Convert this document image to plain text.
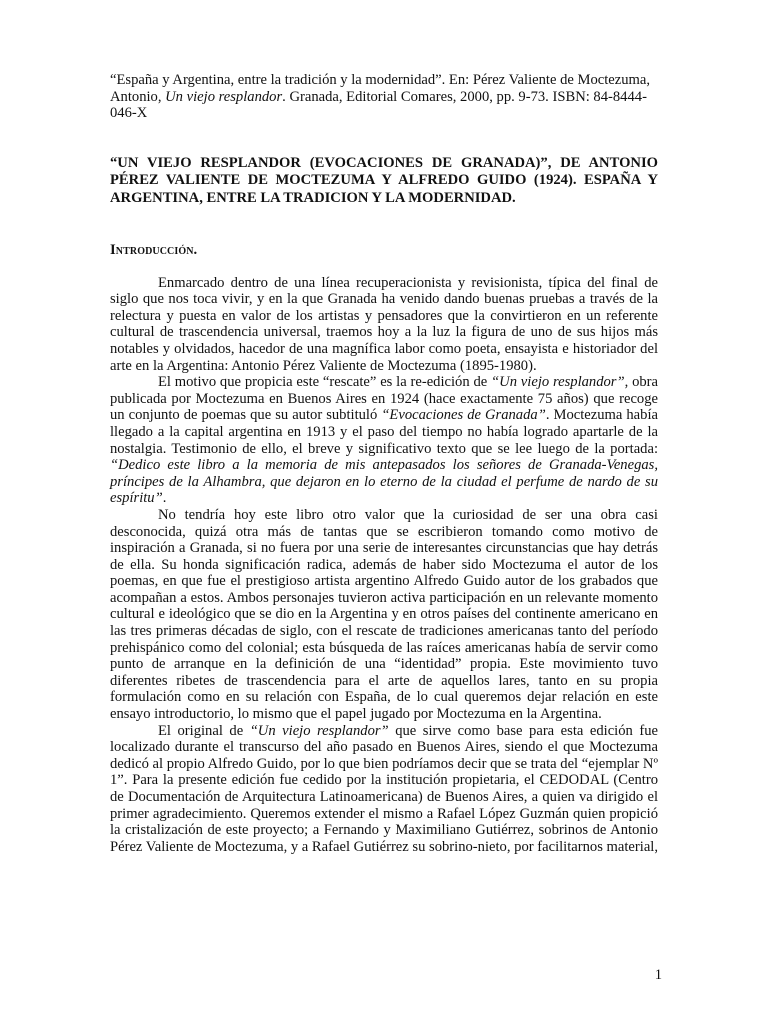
“España y Argentina, entre la tradición y la modernidad”. En: Pérez Valiente de Moctezuma, Antonio, Un viejo resplandor. Granada, Editorial Comares, 2000, pp. 9-73. ISBN: 84-8444-046-X

“UN VIEJO RESPLANDOR (EVOCACIONES DE GRANADA)”, DE ANTONIO PÉREZ VALIENTE DE MOCTEZUMA Y ALFREDO GUIDO (1924). ESPAÑA Y ARGENTINA, ENTRE LA TRADICION Y LA MODERNIDAD.
Introducción.

Enmarcado dentro de una línea recuperacionista y revisionista, típica del final de siglo que nos toca vivir, y en la que Granada ha venido dando buenas pruebas a través de la relectura y puesta en valor de los artistas y pensadores que la convirtieron en un referente cultural de trascendencia universal, traemos hoy a la luz la figura de uno de sus hijos más notables y olvidados, hacedor de una magnífica labor como poeta, ensayista e historiador del arte en la Argentina: Antonio Pérez Valiente de Moctezuma (1895-1980).

El motivo que propicia este “rescate” es la re-edición de “Un viejo resplandor”, obra publicada por Moctezuma en Buenos Aires en 1924 (hace exactamente 75 años) que recoge un conjunto de poemas que su autor subtituló “Evocaciones de Granada”. Moctezuma había llegado a la capital argentina en 1913 y el paso del tiempo no había logrado apartarle de la nostalgia. Testimonio de ello, el breve y significativo texto que se lee luego de la portada: “Dedico este libro a la memoria de mis antepasados los señores de Granada-Venegas, príncipes de la Alhambra, que dejaron en lo eterno de la ciudad el perfume de nardo de su espíritu”.

No tendría hoy este libro otro valor que la curiosidad de ser una obra casi desconocida, quizá otra más de tantas que se escribieron tomando como motivo de inspiración a Granada, si no fuera por una serie de interesantes circunstancias que hay detrás de ella. Su honda significación radica, además de haber sido Moctezuma el autor de los poemas, en que fue el prestigioso artista argentino Alfredo Guido autor de los grabados que acompañan a estos. Ambos personajes tuvieron activa participación en un relevante momento cultural e ideológico que se dio en la Argentina y en otros países del continente americano en las tres primeras décadas de siglo, con el rescate de tradiciones americanas tanto del período prehispánico como del colonial; esta búsqueda de las raíces americanas había de servir como punto de arranque en la definición de una “identidad” propia. Este movimiento tuvo diferentes ribetes de trascendencia para el arte de aquellos lares, tanto en su propia formulación como en su relación con España, de lo cual queremos dejar relación en este ensayo introductorio, lo mismo que el papel jugado por Moctezuma en la Argentina.

El original de “Un viejo resplandor” que sirve como base para esta edición fue localizado durante el transcurso del año pasado en Buenos Aires, siendo el que Moctezuma dedicó al propio Alfredo Guido, por lo que bien podríamos decir que se trata del “ejemplar Nº 1”. Para la presente edición fue cedido por la institución propietaria, el CEDODAL (Centro de Documentación de Arquitectura Latinoamericana) de Buenos Aires, a quien va dirigido el primer agradecimiento. Queremos extender el mismo a Rafael López Guzmán quien propició la cristalización de este proyecto; a Fernando y Maximiliano Gutiérrez, sobrinos de Antonio Pérez Valiente de Moctezuma, y a Rafael Gutiérrez su sobrino-nieto, por facilitarnos material,

1
